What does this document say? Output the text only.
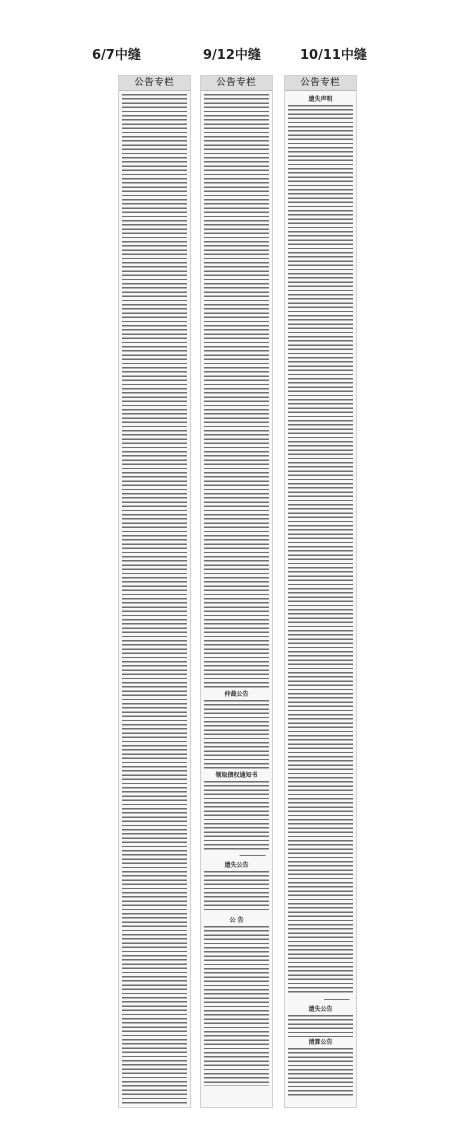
6/7中缝	9/12中缝	10/11中缝
公告专栏	公告专栏
仲裁公告
领取债权通知书
遗失公告
公 告
公告专栏
遗失声明
遗失公告
清算公告
